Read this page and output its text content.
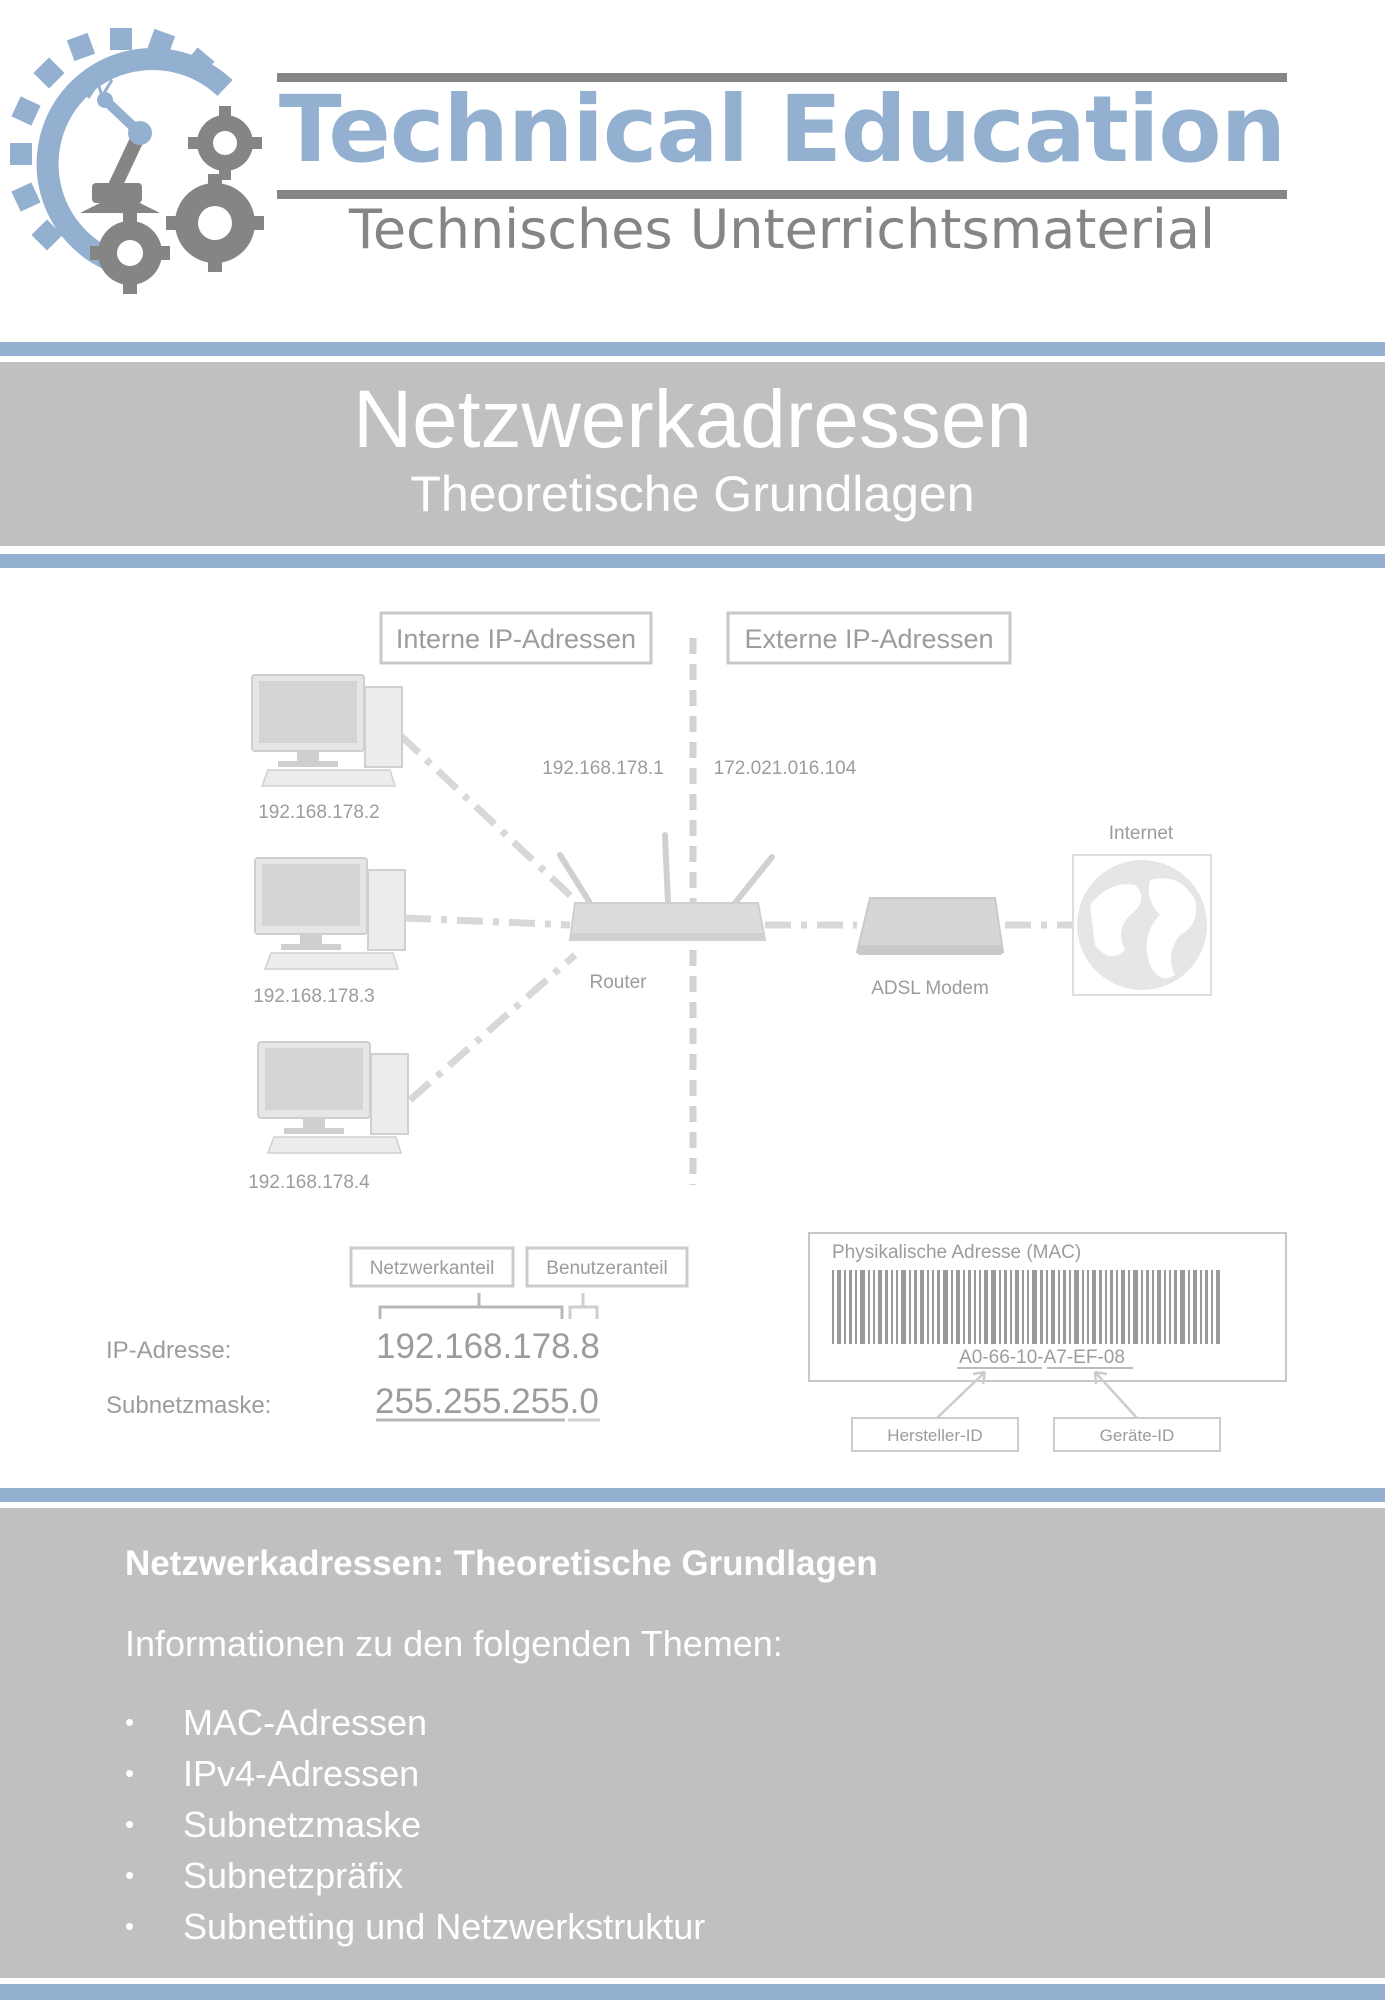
Technical Education
Technisches Unterrichtsmaterial
Netzwerkadressen
Theoretische Grundlagen
Interne IP-Adressen	Externe IP-Adressen
192.168.178.1	172.021.016.104
192.168.178.2
192.168.178.3
192.168.178.4
Router	ADSL Modem
Internet
Netzwerkanteil	Benutzeranteil
IP-Adresse:	192.168.178.8
Subnetzmaske:	255.255.255.0
Physikalische Adresse (MAC)
A0-66-10-A7-EF-08
Hersteller-ID	Geräte-ID
Netzwerkadressen: Theoretische Grundlagen
Informationen zu den folgenden Themen:
• MAC-Adressen
• IPv4-Adressen
• Subnetzmaske
• Subnetzpräfix
• Subnetting und Netzwerkstruktur
